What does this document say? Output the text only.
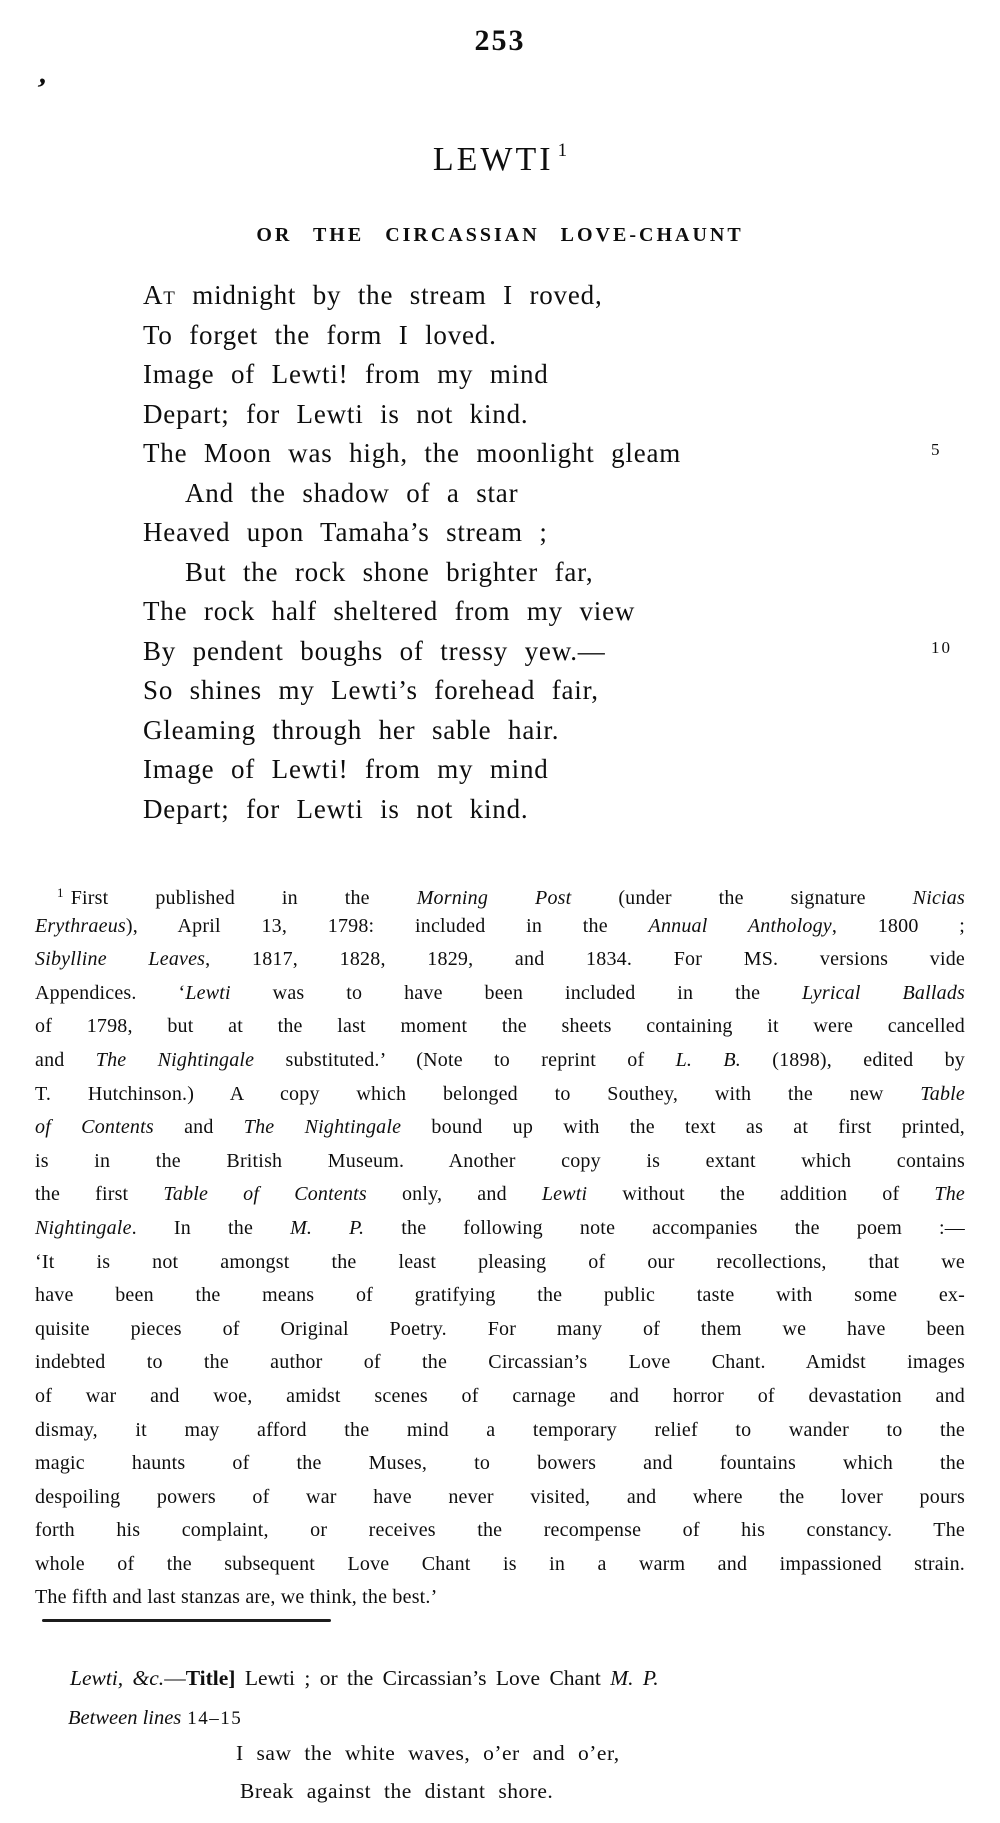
253
’
LEWTI $^1$
OR THE CIRCASSIAN LOVE-CHAUNT
At midnight by the stream I roved,
To forget the form I loved.
Image of Lewti! from my mind
Depart; for Lewti is not kind.
The Moon was high, the moonlight gleam	5
And the shadow of a star
Heaved upon Tamaha’s stream ;
But the rock shone brighter far,
The rock half sheltered from my view
By pendent boughs of tressy yew.—	10
So shines my Lewti’s forehead fair,
Gleaming through her sable hair.
Image of Lewti! from my mind
Depart; for Lewti is not kind.
$^1$ First published in the Morning Post (under the signature Nicias
Erythraeus), April 13, 1798: included in the Annual Anthology, 1800 ;
Sibylline Leaves, 1817, 1828, 1829, and 1834. For MS. versions vide
Appendices. ‘Lewti was to have been included in the Lyrical Ballads
of 1798, but at the last moment the sheets containing it were cancelled
and The Nightingale substituted.’ (Note to reprint of L. B. (1898), edited by
T. Hutchinson.) A copy which belonged to Southey, with the new Table
of Contents and The Nightingale bound up with the text as at first printed,
is in the British Museum. Another copy is extant which contains
the first Table of Contents only, and Lewti without the addition of The
Nightingale. In the M. P. the following note accompanies the poem :—
‘It is not amongst the least pleasing of our recollections, that we
have been the means of gratifying the public taste with some ex-
quisite pieces of Original Poetry. For many of them we have been
indebted to the author of the Circassian’s Love Chant. Amidst images
of war and woe, amidst scenes of carnage and horror of devastation and
dismay, it may afford the mind a temporary relief to wander to the
magic haunts of the Muses, to bowers and fountains which the
despoiling powers of war have never visited, and where the lover pours
forth his complaint, or receives the recompense of his constancy. The
whole of the subsequent Love Chant is in a warm and impassioned strain.
The fifth and last stanzas are, we think, the best.’
Lewti, &c.—Title] Lewti ; or the Circassian’s Love Chant M. P.
Between lines 14–15
I saw the white waves, o’er and o’er,
Break against the distant shore.
